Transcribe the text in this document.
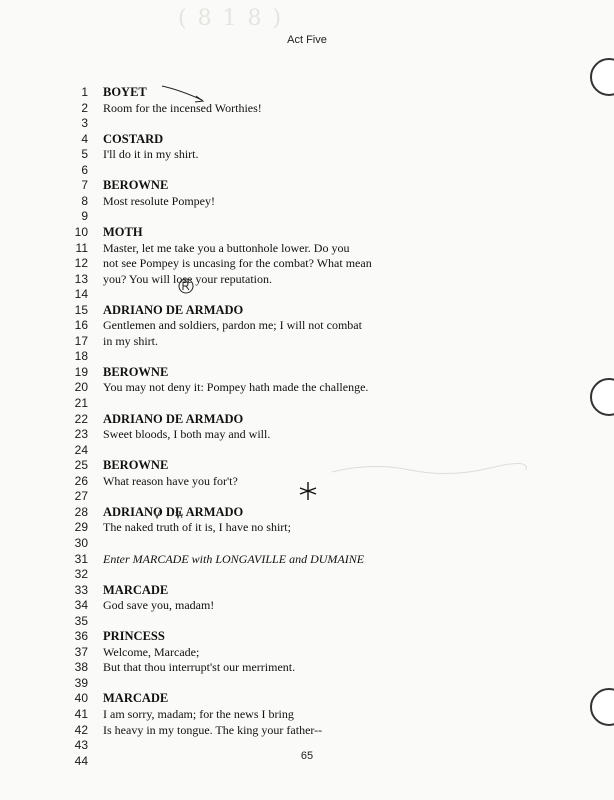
( 8 1 8 )
Act Five
1 BOYET
2 Room for the incensed Worthies!
3
4 COSTARD
5 I'll do it in my shirt.
6
7 BEROWNE
8 Most resolute Pompey!
9
10 MOTH
11 Master, let me take you a buttonhole lower. Do you
12 not see Pompey is uncasing for the combat? What mean
13 you? You will lose your reputation.
14
15 ADRIANO DE ARMADO
16 Gentlemen and soldiers, pardon me; I will not combat
17 in my shirt.
18
19 BEROWNE
20 You may not deny it: Pompey hath made the challenge.
21
22 ADRIANO DE ARMADO
23 Sweet bloods, I both may and will.
24
25 BEROWNE
26 What reason have you for't?
27
28 ADRIANO DE ARMADO
29 The naked truth of it is, I have no shirt;
30
31 Enter MARCADE with LONGAVILLE and DUMAINE
32
33 MARCADE
34 God save you, madam!
35
36 PRINCESS
37 Welcome, Marcade;
38 But that thou interrupt'st our merriment.
39
40 MARCADE
41 I am sorry, madam; for the news I bring
42 Is heavy in my tongue. The king your father--
43
44	65
